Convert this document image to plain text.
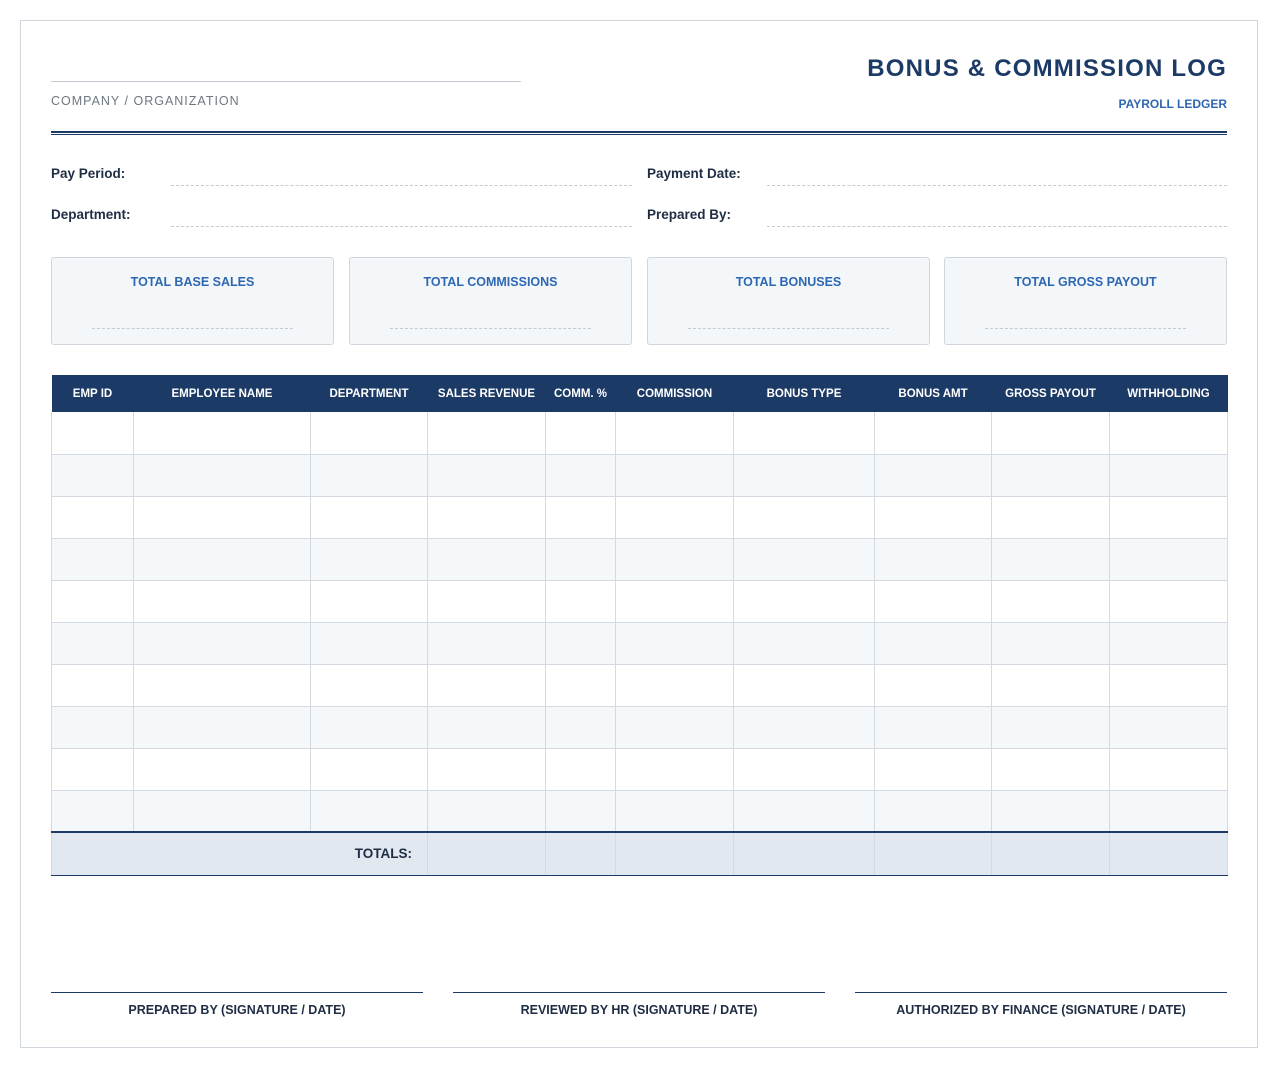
COMPANY / ORGANIZATION
BONUS & COMMISSION LOG
PAYROLL LEDGER
Pay Period:	Payment Date:
Department:	Prepared By:
TOTAL BASE SALES	TOTAL COMMISSIONS	TOTAL BONUSES	TOTAL GROSS PAYOUT
EMP ID	EMPLOYEE NAME	DEPARTMENT	SALES REVENUE	COMM. %	COMMISSION	BONUS TYPE	BONUS AMT	GROSS PAYOUT	WITHHOLDING

TOTALS:									
PREPARED BY (SIGNATURE / DATE)	REVIEWED BY HR (SIGNATURE / DATE)	AUTHORIZED BY FINANCE (SIGNATURE / DATE)
